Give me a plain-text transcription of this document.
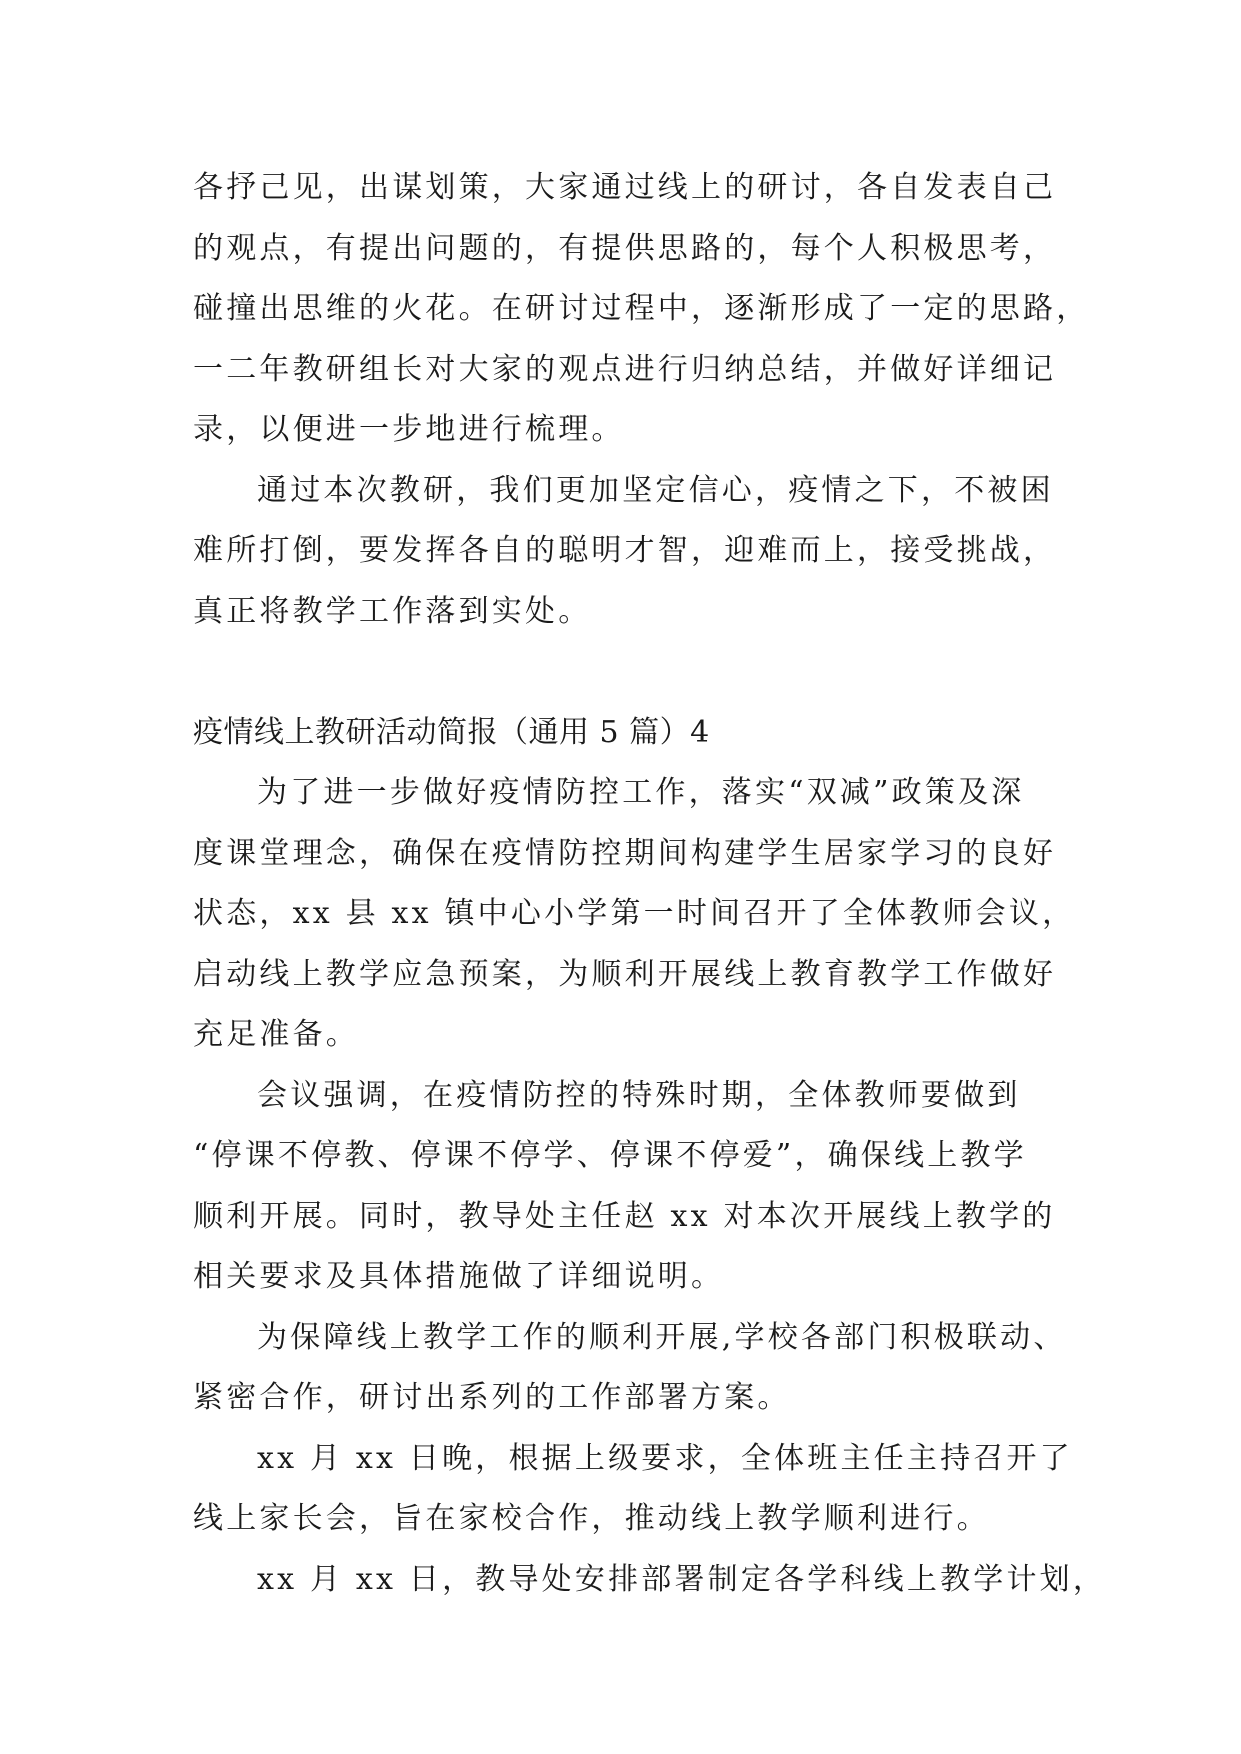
各抒己见，出谋划策，大家通过线上的研讨，各自发表自己
的观点，有提出问题的，有提供思路的，每个人积极思考，
碰撞出思维的火花。在研讨过程中，逐渐形成了一定的思路，
一二年教研组长对大家的观点进行归纳总结，并做好详细记
录，以便进一步地进行梳理。

通过本次教研，我们更加坚定信心，疫情之下，不被困
难所打倒，要发挥各自的聪明才智，迎难而上，接受挑战，
真正将教学工作落到实处。

疫情线上教研活动简报（通用 5 篇）4

为了进一步做好疫情防控工作，落实“双减”政策及深
度课堂理念，确保在疫情防控期间构建学生居家学习的良好
状态，xx 县 xx 镇中心小学第一时间召开了全体教师会议，
启动线上教学应急预案，为顺利开展线上教育教学工作做好
充足准备。

会议强调，在疫情防控的特殊时期，全体教师要做到
“停课不停教、停课不停学、停课不停爱”，确保线上教学
顺利开展。同时，教导处主任赵 xx 对本次开展线上教学的
相关要求及具体措施做了详细说明。

为保障线上教学工作的顺利开展,学校各部门积极联动、
紧密合作，研讨出系列的工作部署方案。

xx 月 xx 日晚，根据上级要求，全体班主任主持召开了
线上家长会，旨在家校合作，推动线上教学顺利进行。

xx 月 xx 日，教导处安排部署制定各学科线上教学计划，
